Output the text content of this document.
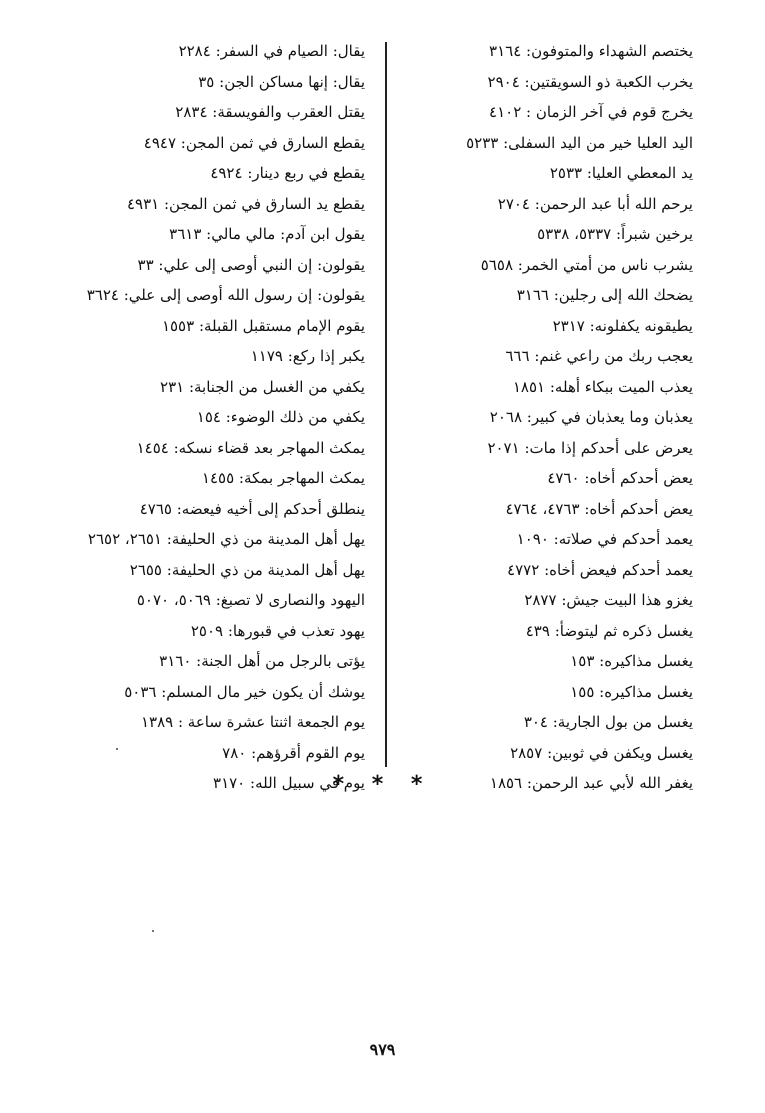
يختصم الشهداء والمتوفون: ٣١٦٤
يخرب الكعبة ذو السويقتين: ٢٩٠٤
يخرج قوم في آخر الزمان : ٤١٠٢
اليد العليا خير من اليد السفلى: ٥٢٣٣
يد المعطي العليا: ٢٥٣٣
يرحم الله أبا عبد الرحمن: ٢٧٠٤
يرخين شبراً: ٥٣٣٧، ٥٣٣٨
يشرب ناس من أمتي الخمر: ٥٦٥٨
يضحك الله إلى رجلين: ٣١٦٦
يطيقونه يكفلونه: ٢٣١٧
يعجب ربك من راعي غنم: ٦٦٦
يعذب الميت ببكاء أهله: ١٨٥١
يعذبان وما يعذبان في كبير: ٢٠٦٨
يعرض على أحدكم إذا مات: ٢٠٧١
يعض أحدكم أخاه: ٤٧٦٠
يعض أحدكم أخاه: ٤٧٦٣، ٤٧٦٤
يعمد أحدكم في صلاته: ١٠٩٠
يعمد أحدكم فيعض أخاه: ٤٧٧٢
يغزو هذا البيت جيش: ٢٨٧٧
يغسل ذكره ثم ليتوضأ: ٤٣٩
يغسل مذاكيره: ١٥٣
يغسل مذاكيره: ١٥٥
يغسل من بول الجارية: ٣٠٤
يغسل ويكفن في ثوبين: ٢٨٥٧
يغفر الله لأبي عبد الرحمن: ١٨٥٦
يقال: الصيام في السفر: ٢٢٨٤
يقال: إنها مساكن الجن: ٣٥
يقتل العقرب والفويسقة: ٢٨٣٤
يقطع السارق في ثمن المجن: ٤٩٤٧
يقطع في ربع دينار: ٤٩٢٤
يقطع يد السارق في ثمن المجن: ٤٩٣١
يقول ابن آدم: مالي مالي: ٣٦١٣
يقولون: إن النبي أوصى إلى علي: ٣٣
يقولون: إن رسول الله أوصى إلى علي: ٣٦٢٤
يقوم الإمام مستقبل القبلة: ١٥٥٣
يكبر إذا ركع: ١١٧٩
يكفي من الغسل من الجنابة: ٢٣١
يكفي من ذلك الوضوء: ١٥٤
يمكث المهاجر بعد قضاء نسكه: ١٤٥٤
يمكث المهاجر بمكة: ١٤٥٥
ينطلق أحدكم إلى أخيه فيعضه: ٤٧٦٥
يهل أهل المدينة من ذي الحليفة: ٢٦٥١، ٢٦٥٢
يهل أهل المدينة من ذي الحليفة: ٢٦٥٥
اليهود والنصارى لا تصبغ: ٥٠٦٩، ٥٠٧٠
يهود تعذب في قبورها: ٢٥٠٩
يؤتى بالرجل من أهل الجنة: ٣١٦٠
يوشك أن يكون خير مال المسلم: ٥٠٣٦
يوم الجمعة اثنتا عشرة ساعة : ١٣٨٩
يوم القوم أقرؤهم: ٧٨٠
يوم في سبيل الله: ٣١٧٠
* * *
٩٧٩
